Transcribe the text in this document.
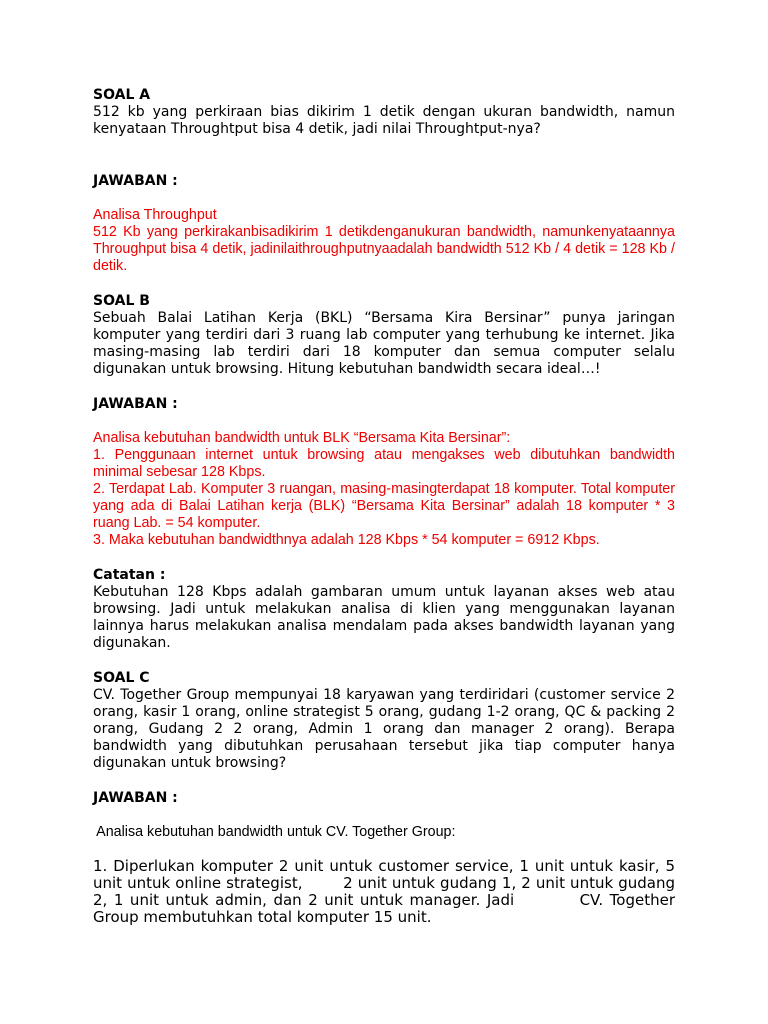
SOAL A

512 kb yang perkiraan bias dikirim 1 detik dengan ukuran bandwidth, namun kenyataan Throughtput bisa 4 detik, jadi nilai Throughtput-nya?

JAWABAN :

Analisa Throughput

512 Kb yang perkirakanbisadikirim 1 detikdenganukuran bandwidth, namunkenyataannya Throughput bisa 4 detik, jadinilaithroughputnyaadalah bandwidth 512 Kb / 4 detik = 128 Kb / detik.

SOAL B

Sebuah Balai Latihan Kerja (BKL) “Bersama Kira Bersinar” punya jaringan komputer yang terdiri dari 3 ruang lab computer yang terhubung ke internet. Jika masing-masing lab terdiri dari 18 komputer dan semua computer selalu digunakan untuk browsing. Hitung kebutuhan bandwidth secara ideal…!

JAWABAN :

Analisa kebutuhan bandwidth untuk BLK “Bersama Kita Bersinar”:

1. Penggunaan internet untuk browsing atau mengakses web dibutuhkan bandwidth minimal sebesar 128 Kbps.

2. Terdapat Lab. Komputer 3 ruangan, masing-masingterdapat 18 komputer. Total komputer yang ada di Balai Latihan kerja (BLK) “Bersama Kita Bersinar” adalah 18 komputer * 3 ruang Lab. = 54 komputer.

3. Maka kebutuhan bandwidthnya adalah 128 Kbps * 54 komputer = 6912 Kbps.

Catatan :

Kebutuhan 128 Kbps adalah gambaran umum untuk layanan akses web atau browsing. Jadi untuk melakukan analisa di klien yang menggunakan layanan lainnya harus melakukan analisa mendalam pada akses bandwidth layanan yang digunakan.

SOAL C

CV. Together Group mempunyai 18 karyawan yang terdiridari (customer service 2 orang, kasir 1 orang, online strategist 5 orang, gudang 1-2 orang, QC & packing 2 orang, Gudang 2 2 orang, Admin 1 orang dan manager 2 orang). Berapa bandwidth yang dibutuhkan perusahaan tersebut jika tiap computer hanya digunakan untuk browsing?

JAWABAN :

Analisa kebutuhan bandwidth untuk CV. Together Group:

1. Diperlukan komputer 2 unit untuk customer service, 1 unit untuk kasir, 5 unit untuk online strategist,        2 unit untuk gudang 1, 2 unit untuk gudang 2, 1 unit untuk admin, dan 2 unit untuk manager. Jadi          CV. Together Group membutuhkan total komputer 15 unit.
